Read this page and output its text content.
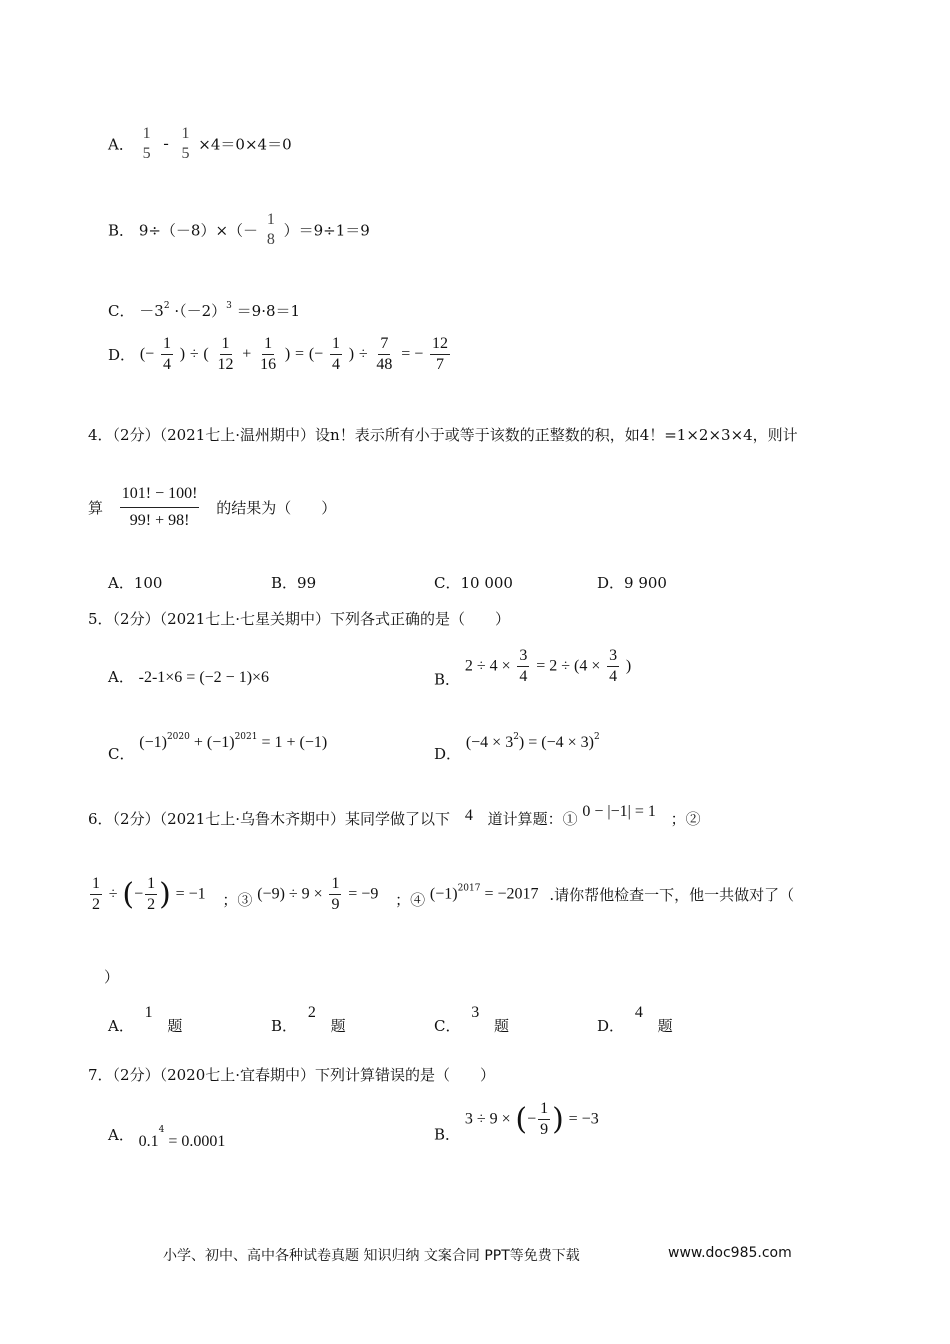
A．
1
5
-
1
5 ×4＝0×4＝0
B． 9÷（－8）×（－
1
8 ）＝9÷1＝9
C． $-3^2 \cdot(-2)^3 =9\cdot 8=1$
D． (− $\frac{1}{4}$ ) ÷ ( $\frac{1}{12} + \frac{1}{16}$ ) = (− $\frac{1}{4}$ ) ÷ $\frac{7}{48}$ = − $\frac{12}{7}$
4．（2分）（2021七上·温州期中）设n！表示所有小于或等于该数的正整数的积，如4！=1×2×3×4，则计
算 $\frac{101! - 100!}{99! + 98!}$ 的结果为（　　）
A．100	B．99	C．10 000	D．9 900
5．（2分）（2021七上·七星关期中）下列各式正确的是（　　）
A． -2-1×6 = (−2 − 1)×6	B． $2 \div 4 \times \frac{3}{4} = 2 \div (4 \times \frac{3}{4}$ )
C． $(-1)^{2020} + (-1)^{2021} = 1 + (-1)$
D． $(-4 \times 3^2) = (-4 \times 3)^2$
6．（2分）（2021七上·乌鲁木齐期中）某同学做了以下 4 道计算题：① 0 − |−1| = 1 ；②
$\frac{1}{2}$ ÷ (− $\frac{1}{2}$ ) = −1 ；③ $(-9) \div 9 \times \frac{1}{9} = -9$ ；④ $(-1)^{2017} = -2017$ .请你帮他检查一下，他一共做对了（
）
A． 1 题	B． 2 题	C． 3 题	D． 4 题
7．（2分）（2020七上·宜春期中）下列计算错误的是（　　）
A． $0.1^4 = 0.0001$	B． 3 ÷ 9 × (− $\frac{1}{9}$ ) = −3
小学、初中、高中各种试卷真题 知识归纳 文案合同 PPT等免费下载	www.doc985.com
